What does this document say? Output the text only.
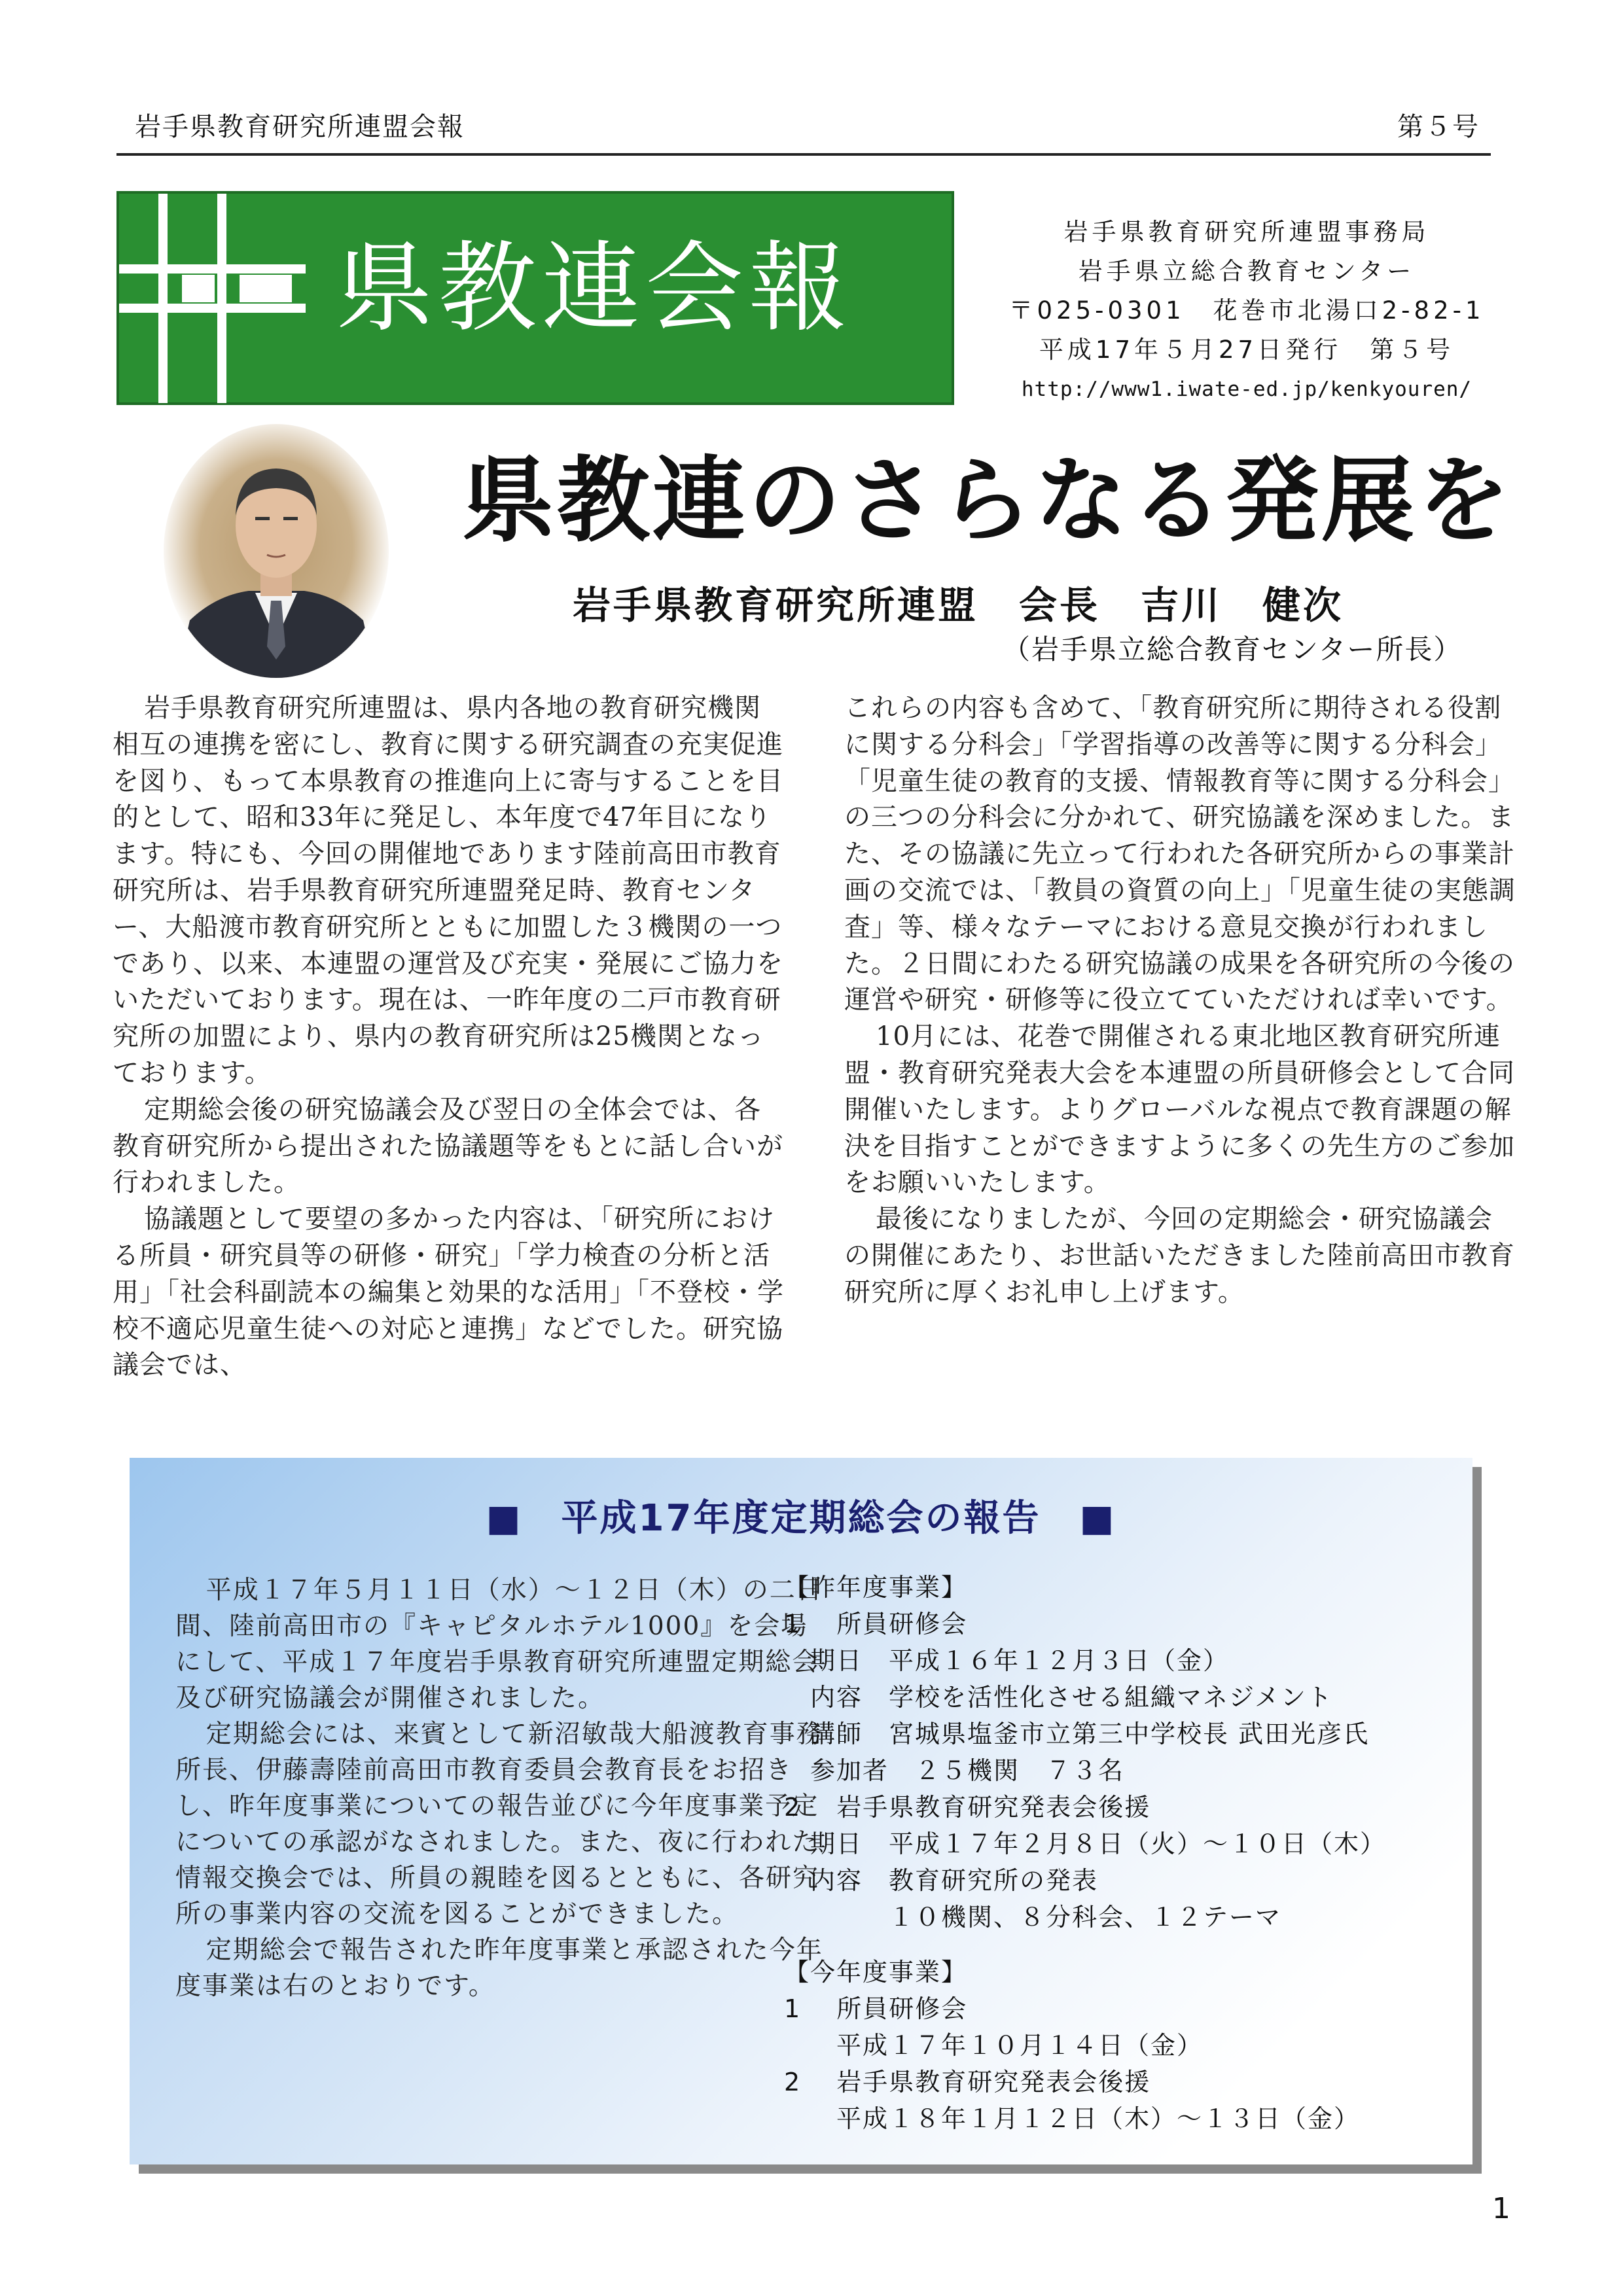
岩手県教育研究所連盟会報	第５号
県教連会報	岩手県教育研究所連盟事務局
岩手県立総合教育センター
〒025-0301　花巻市北湯口2-82-1
平成17年５月27日発行　第５号
http://www1.iwate-ed.jp/kenkyouren/
県教連のさらなる発展を
岩手県教育研究所連盟　会長　吉川　健次
（岩手県立総合教育センター所長）

岩手県教育研究所連盟は、県内各地の教育研究機関相互の連携を密にし、教育に関する研究調査の充実促進を図り、もって本県教育の推進向上に寄与することを目的として、昭和33年に発足し、本年度で47年目になります。特にも、今回の開催地であります陸前高田市教育研究所は、岩手県教育研究所連盟発足時、教育センター、大船渡市教育研究所とともに加盟した３機関の一つであり、以来、本連盟の運営及び充実・発展にご協力をいただいております。現在は、一昨年度の二戸市教育研究所の加盟により、県内の教育研究所は25機関となっております。

定期総会後の研究協議会及び翌日の全体会では、各教育研究所から提出された協議題等をもとに話し合いが行われました。

協議題として要望の多かった内容は、「研究所における所員・研究員等の研修・研究」「学力検査の分析と活用」「社会科副読本の編集と効果的な活用」「不登校・学校不適応児童生徒への対応と連携」などでした。研究協議会では、

これらの内容も含めて、「教育研究所に期待される役割に関する分科会」「学習指導の改善等に関する分科会」「児童生徒の教育的支援、情報教育等に関する分科会」の三つの分科会に分かれて、研究協議を深めました。また、その協議に先立って行われた各研究所からの事業計画の交流では、「教員の資質の向上」「児童生徒の実態調査」等、様々なテーマにおける意見交換が行われました。２日間にわたる研究協議の成果を各研究所の今後の運営や研究・研修等に役立てていただければ幸いです。

10月には、花巻で開催される東北地区教育研究所連盟・教育研究発表大会を本連盟の所員研修会として合同開催いたします。よりグローバルな視点で教育課題の解決を目指すことができますように多くの先生方のご参加をお願いいたします。

最後になりましたが、今回の定期総会・研究協議会の開催にあたり、お世話いただきました陸前高田市教育研究所に厚くお礼申し上げます。

■　平成17年度定期総会の報告　■

平成１７年５月１１日（水）～１２日（木）の二日間、陸前高田市の『キャピタルホテル1000』を会場にして、平成１７年度岩手県教育研究所連盟定期総会及び研究協議会が開催されました。

定期総会には、来賓として新沼敏哉大船渡教育事務所長、伊藤壽陸前高田市教育委員会教育長をお招きし、昨年度事業についての報告並びに今年度事業予定についての承認がなされました。また、夜に行われた情報交換会では、所員の親睦を図るとともに、各研究所の事業内容の交流を図ることができました。

定期総会で報告された昨年度事業と承認された今年度事業は右のとおりです。

【昨年度事業】
1　 所員研修会
　期日　平成１６年１２月３日（金）
　内容　学校を活性化させる組織マネジメント
　講師　宮城県塩釜市立第三中学校長 武田光彦氏
　参加者　２５機関　７３名
2　 岩手県教育研究発表会後援
　期日　平成１７年２月８日（火）～１０日（木）
　内容　教育研究所の発表
　　　　１０機関、８分科会、１２テーマ
【今年度事業】
1　 所員研修会
　　平成１７年１０月１４日（金）
2　 岩手県教育研究発表会後援
　　平成１８年１月１２日（木）～１３日（金）
1
